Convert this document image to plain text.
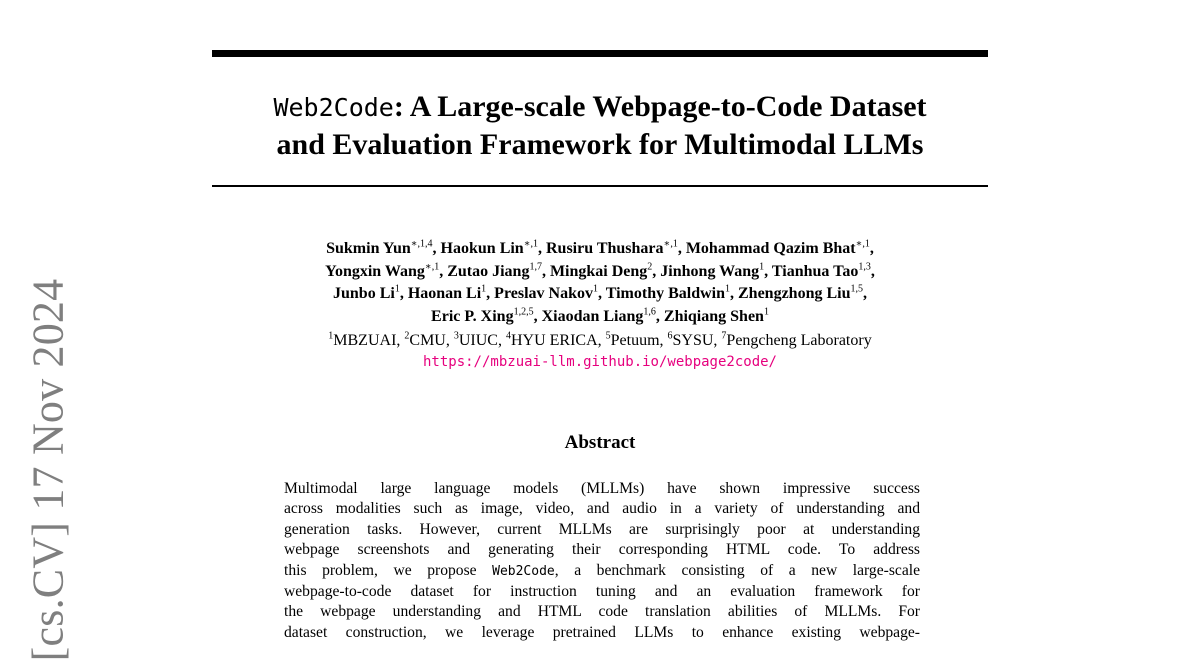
[cs.CV] 17 Nov 2024
Web2Code: A Large-scale Webpage-to-Code Dataset
and Evaluation Framework for Multimodal LLMs
Sukmin Yun$^{∗,1,4}$, Haokun Lin$^{∗,1}$, Rusiru Thushara$^{∗,1}$, Mohammad Qazim Bhat$^{∗,1}$,
Yongxin Wang$^{∗,1}$, Zutao Jiang$^{1,7}$, Mingkai Deng$^2$, Jinhong Wang$^1$, Tianhua Tao$^{1,3}$,
Junbo Li$^1$, Haonan Li$^1$, Preslav Nakov$^1$, Timothy Baldwin$^1$, Zhengzhong Liu$^{1,5}$,
Eric P. Xing$^{1,2,5}$, Xiaodan Liang$^{1,6}$, Zhiqiang Shen$^1$
$^1$MBZUAI, $^2$CMU, $^3$UIUC, $^4$HYU ERICA, $^5$Petuum, $^6$SYSU, $^7$Pengcheng Laboratory
https://mbzuai-llm.github.io/webpage2code/
Abstract
Multimodal large language models (MLLMs) have shown impressive success
across modalities such as image, video, and audio in a variety of understanding and
generation tasks. However, current MLLMs are surprisingly poor at understanding
webpage screenshots and generating their corresponding HTML code. To address
this problem, we propose Web2Code, a benchmark consisting of a new large-scale
webpage-to-code dataset for instruction tuning and an evaluation framework for
the webpage understanding and HTML code translation abilities of MLLMs. For
dataset construction, we leverage pretrained LLMs to enhance existing webpage-
